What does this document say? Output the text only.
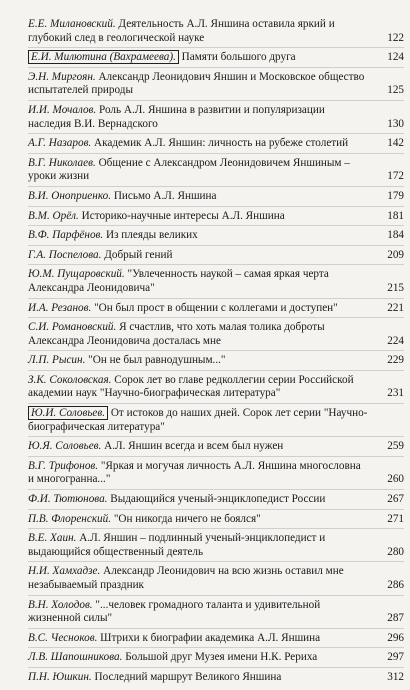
Е.Е. Милановский. Деятельность А.Л. Яншина оставила яркий и глубокий след в геологической науке	122
Е.И. Милютина (Вахрамеева). Памяти большого друга	124
Э.Н. Миргоян. Александр Леонидович Яншин и Московское общество испытателей природы	125
И.И. Мочалов. Роль А.Л. Яншина в развитии и популяризации наследия В.И. Вернадского	130
А.Г. Назаров. Академик А.Л. Яншин: личность на рубеже столетий	142
В.Г. Николаев. Общение с Александром Леонидовичем Яншиным – уроки жизни	172
В.И. Оноприенко. Письмо А.Л. Яншина	179
В.М. Орёл. Историко-научные интересы А.Л. Яншина	181
В.Ф. Парфёнов. Из плеяды великих	184
Г.А. Поспелова. Добрый гений	209
Ю.М. Пущаровский. "Увлеченность наукой – самая яркая черта Александра Леонидовича"	215
И.А. Резанов. "Он был прост в общении с коллегами и доступен"	221
С.И. Романовский. Я счастлив, что хоть малая толика доброты Александра Леонидовича досталась мне	224
Л.П. Рысин. "Он не был равнодушным..."	229
З.К. Соколовская. Сорок лет во главе редколлегии серии Российской академии наук "Научно-биографическая литература"	231
Ю.И. Соловьев. От истоков до наших дней. Сорок лет серии "Научно-биографическая литература"
Ю.Я. Соловьев. А.Л. Яншин всегда и всем был нужен	259
В.Г. Трифонов. "Яркая и могучая личность А.Л. Яншина многословна и многогранна..."	260
Ф.И. Тютюнова. Выдающийся ученый-энциклопедист России	267
П.В. Флоренский. "Он никогда ничего не боялся"	271
В.Е. Хаин. А.Л. Яншин – подлинный ученый-энциклопедист и выдающийся общественный деятель	280
Н.И. Хамхадзе. Александр Леонидович на всю жизнь оставил мне незабываемый праздник	286
В.Н. Холодов. "...человек громадного таланта и удивительной жизненной силы"	287
В.С. Чесноков. Штрихи к биографии академика А.Л. Яншина	296
Л.В. Шапошникова. Большой друг Музея имени Н.К. Рериха	297
П.Н. Юшкин. Последний маршрут Великого Яншина	312
